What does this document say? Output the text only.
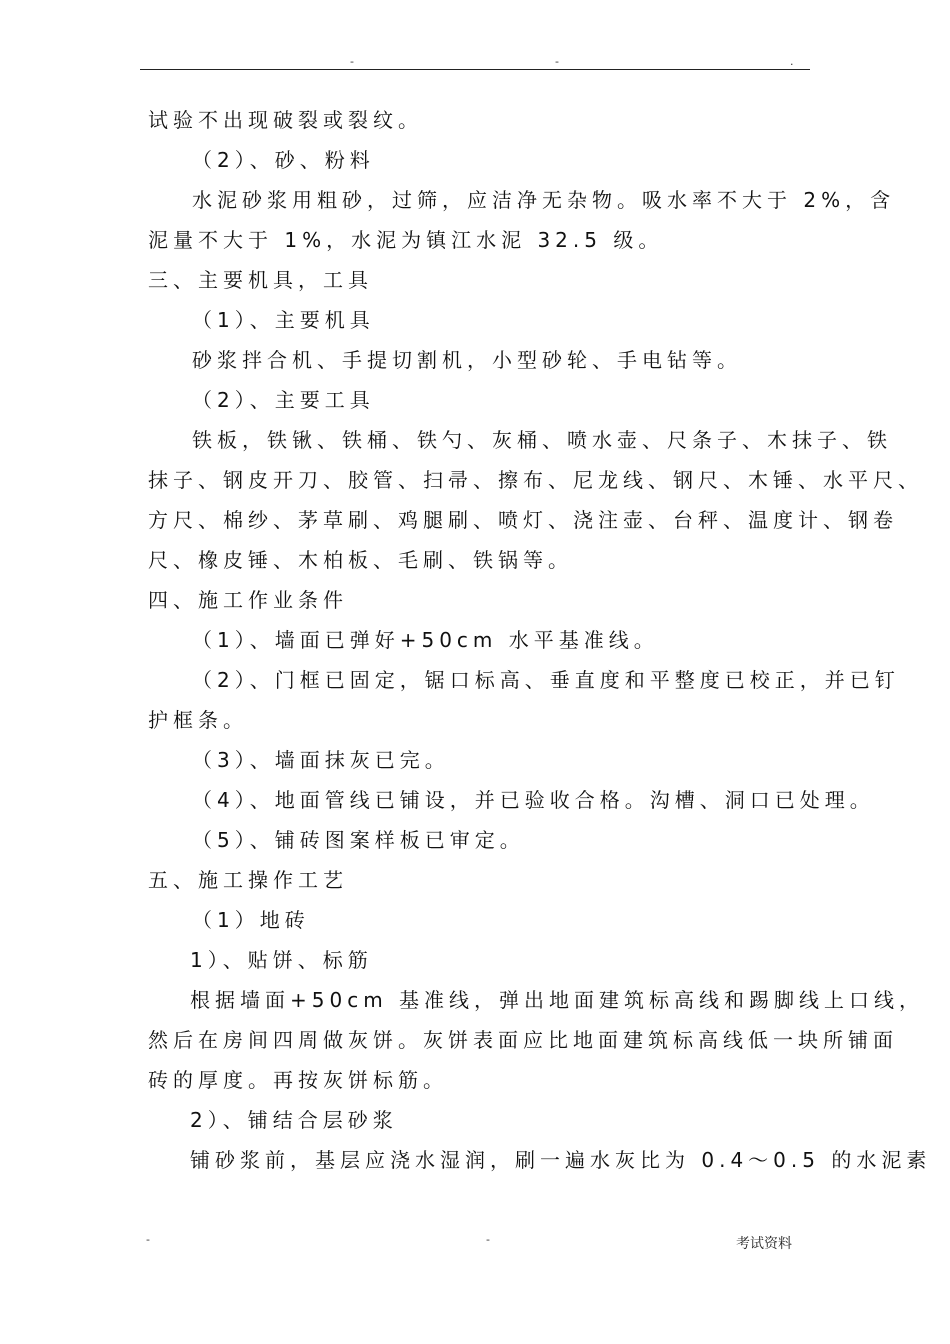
-	-	.
试验不出现破裂或裂纹。
（2）、砂、粉料
水泥砂浆用粗砂，过筛，应洁净无杂物。吸水率不大于 2%，含
泥量不大于 1%，水泥为镇江水泥 32.5 级。
三、主要机具，工具
（1）、主要机具
砂浆拌合机、手提切割机，小型砂轮、手电钻等。
（2）、主要工具
铁板，铁锹、铁桶、铁勺、灰桶、喷水壶、尺条子、木抹子、铁
抹子、钢皮开刀、胶管、扫帚、擦布、尼龙线、钢尺、木锤、水平尺、
方尺、棉纱、茅草刷、鸡腿刷、喷灯、浇注壶、台秤、温度计、钢卷
尺、橡皮锤、木柏板、毛刷、铁锅等。
四、施工作业条件
（1）、墙面已弹好+50cm 水平基准线。
（2）、门框已固定，锯口标高、垂直度和平整度已校正，并已钉
护框条。
（3）、墙面抹灰已完。
（4）、地面管线已铺设，并已验收合格。沟槽、洞口已处理。
（5）、铺砖图案样板已审定。
五、施工操作工艺
（1）地砖
1）、贴饼、标筋
根据墙面+50cm 基准线，弹出地面建筑标高线和踢脚线上口线，
然后在房间四周做灰饼。灰饼表面应比地面建筑标高线低一块所铺面
砖的厚度。再按灰饼标筋。
2）、铺结合层砂浆
铺砂浆前，基层应浇水湿润，刷一遍水灰比为 0.4～0.5 的水泥素
-	-	考试资料
